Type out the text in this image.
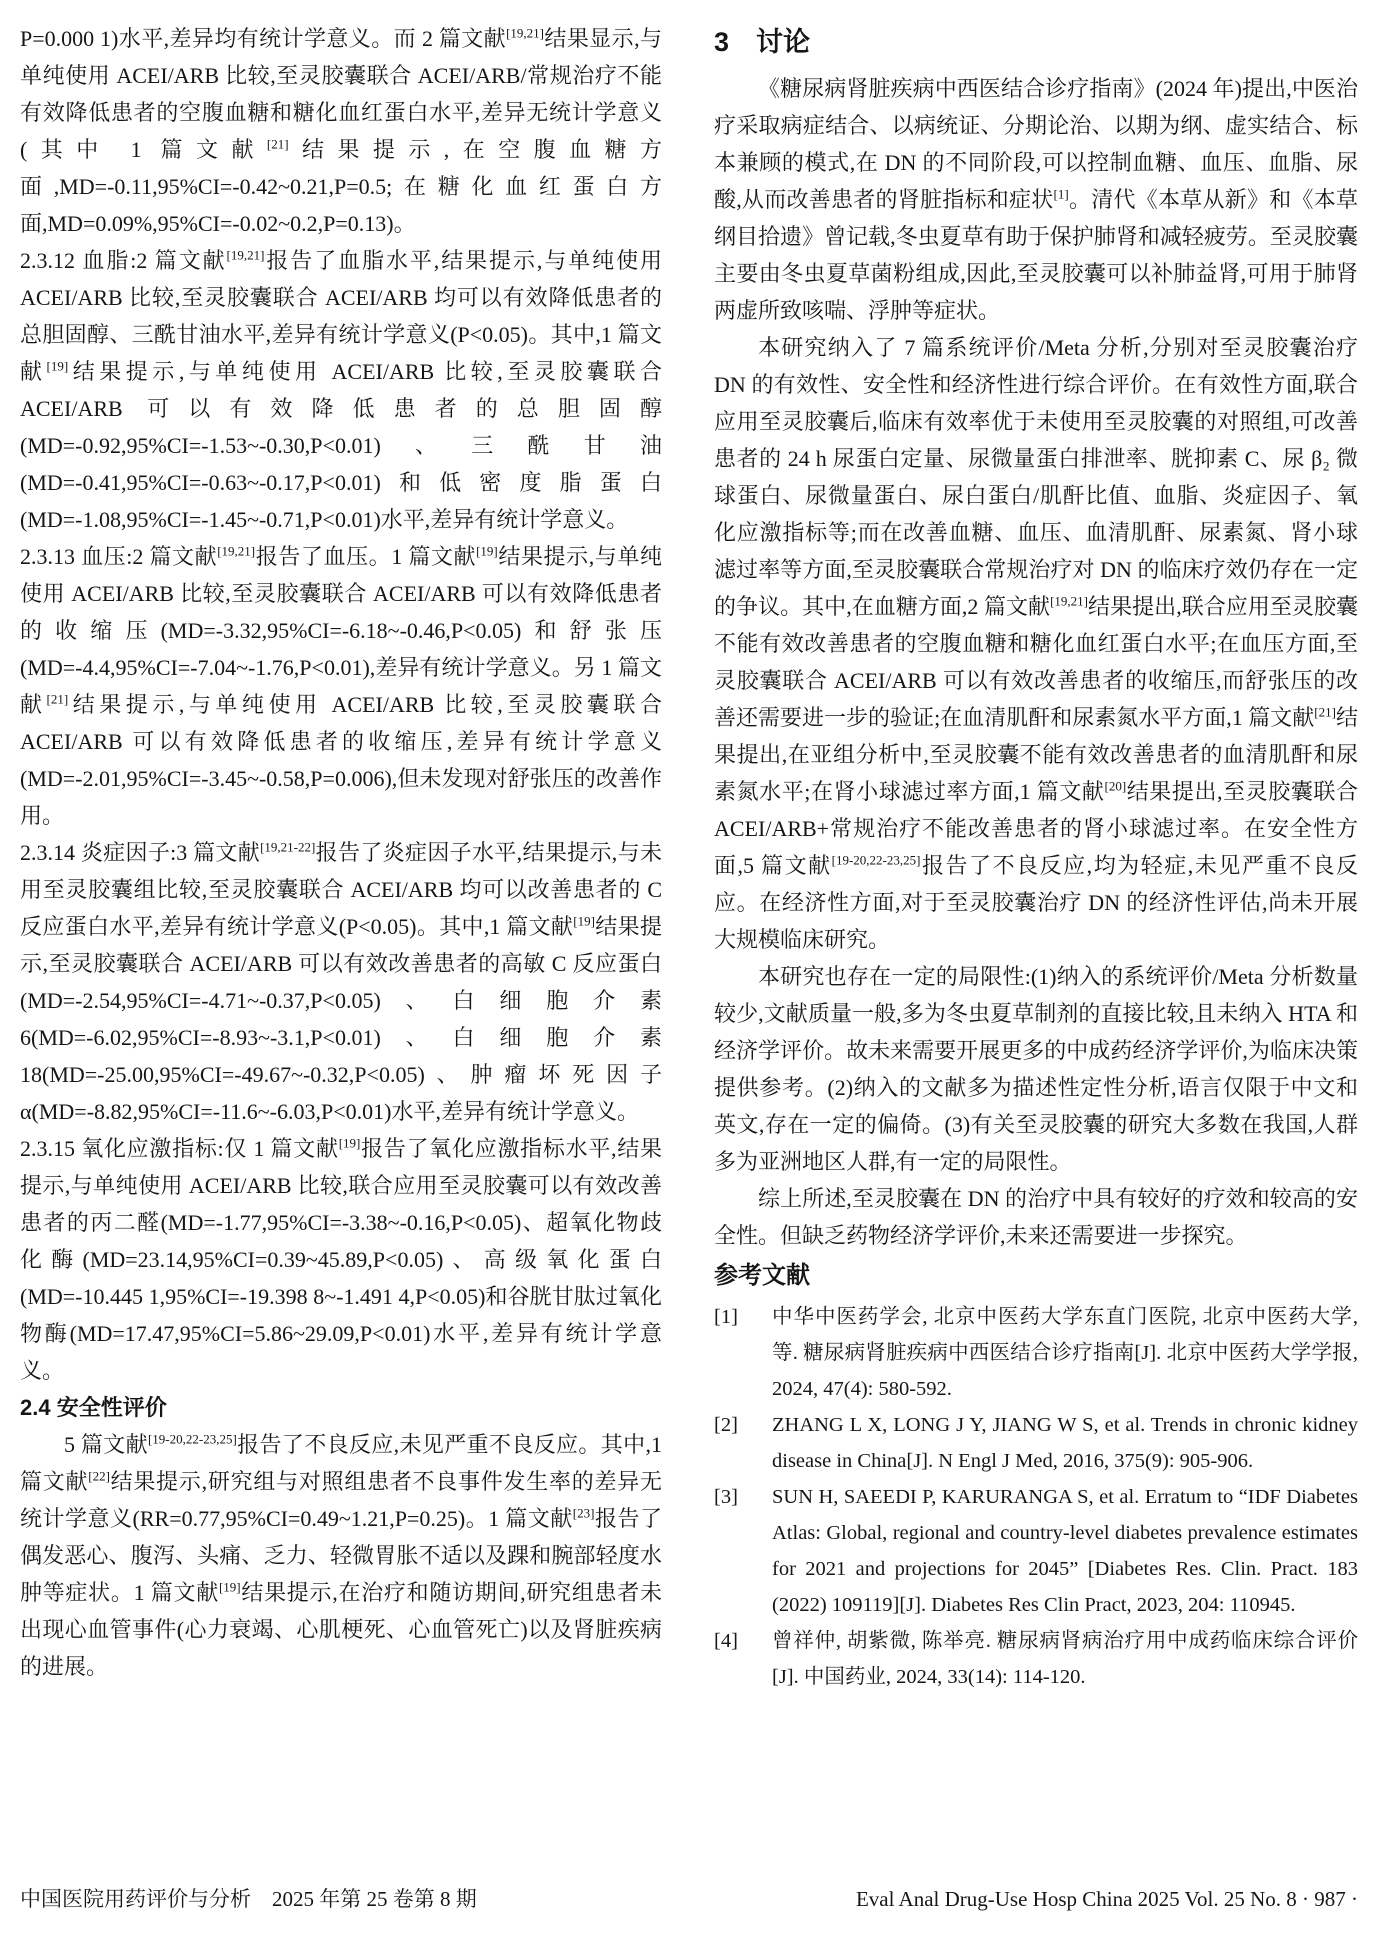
P=0.000 1)水平,差异均有统计学意义。而 2 篇文献[19,21]结果显示,与单纯使用 ACEI/ARB 比较,至灵胶囊联合 ACEI/ARB/常规治疗不能有效降低患者的空腹血糖和糖化血红蛋白水平,差异无统计学意义(其中 1 篇文献[21]结果提示,在空腹血糖方面,MD=-0.11,95%CI=-0.42~0.21,P=0.5;在糖化血红蛋白方面,MD=0.09%,95%CI=-0.02~0.2,P=0.13)。

2.3.12 血脂:2 篇文献[19,21]报告了血脂水平,结果提示,与单纯使用 ACEI/ARB 比较,至灵胶囊联合 ACEI/ARB 均可以有效降低患者的总胆固醇、三酰甘油水平,差异有统计学意义(P<0.05)。其中,1 篇文献[19]结果提示,与单纯使用 ACEI/ARB 比较,至灵胶囊联合 ACEI/ARB 可以有效降低患者的总胆固醇(MD=-0.92,95%CI=-1.53~-0.30,P<0.01)、三酰甘油(MD=-0.41,95%CI=-0.63~-0.17,P<0.01)和低密度脂蛋白(MD=-1.08,95%CI=-1.45~-0.71,P<0.01)水平,差异有统计学意义。

2.3.13 血压:2 篇文献[19,21]报告了血压。1 篇文献[19]结果提示,与单纯使用 ACEI/ARB 比较,至灵胶囊联合 ACEI/ARB 可以有效降低患者的收缩压(MD=-3.32,95%CI=-6.18~-0.46,P<0.05)和舒张压(MD=-4.4,95%CI=-7.04~-1.76,P<0.01),差异有统计学意义。另 1 篇文献[21]结果提示,与单纯使用 ACEI/ARB 比较,至灵胶囊联合 ACEI/ARB 可以有效降低患者的收缩压,差异有统计学意义(MD=-2.01,95%CI=-3.45~-0.58,P=0.006),但未发现对舒张压的改善作用。

2.3.14 炎症因子:3 篇文献[19,21-22]报告了炎症因子水平,结果提示,与未用至灵胶囊组比较,至灵胶囊联合 ACEI/ARB 均可以改善患者的 C 反应蛋白水平,差异有统计学意义(P<0.05)。其中,1 篇文献[19]结果提示,至灵胶囊联合 ACEI/ARB 可以有效改善患者的高敏 C 反应蛋白(MD=-2.54,95%CI=-4.71~-0.37,P<0.05)、白细胞介素 6(MD=-6.02,95%CI=-8.93~-3.1,P<0.01)、白细胞介素 18(MD=-25.00,95%CI=-49.67~-0.32,P<0.05)、肿瘤坏死因子 α(MD=-8.82,95%CI=-11.6~-6.03,P<0.01)水平,差异有统计学意义。

2.3.15 氧化应激指标:仅 1 篇文献[19]报告了氧化应激指标水平,结果提示,与单纯使用 ACEI/ARB 比较,联合应用至灵胶囊可以有效改善患者的丙二醛(MD=-1.77,95%CI=-3.38~-0.16,P<0.05)、超氧化物歧化酶(MD=23.14,95%CI=0.39~45.89,P<0.05)、高级氧化蛋白(MD=-10.445 1,95%CI=-19.398 8~-1.491 4,P<0.05)和谷胱甘肽过氧化物酶(MD=17.47,95%CI=5.86~29.09,P<0.01)水平,差异有统计学意义。

2.4 安全性评价

5 篇文献[19-20,22-23,25]报告了不良反应,未见严重不良反应。其中,1 篇文献[22]结果提示,研究组与对照组患者不良事件发生率的差异无统计学意义(RR=0.77,95%CI=0.49~1.21,P=0.25)。1 篇文献[23]报告了偶发恶心、腹泻、头痛、乏力、轻微胃胀不适以及踝和腕部轻度水肿等症状。1 篇文献[19]结果提示,在治疗和随访期间,研究组患者未出现心血管事件(心力衰竭、心肌梗死、心血管死亡)以及肾脏疾病的进展。

3　讨论

《糖尿病肾脏疾病中西医结合诊疗指南》(2024 年)提出,中医治疗采取病症结合、以病统证、分期论治、以期为纲、虚实结合、标本兼顾的模式,在 DN 的不同阶段,可以控制血糖、血压、血脂、尿酸,从而改善患者的肾脏指标和症状[1]。清代《本草从新》和《本草纲目拾遗》曾记载,冬虫夏草有助于保护肺肾和减轻疲劳。至灵胶囊主要由冬虫夏草菌粉组成,因此,至灵胶囊可以补肺益肾,可用于肺肾两虚所致咳喘、浮肿等症状。

本研究纳入了 7 篇系统评价/Meta 分析,分别对至灵胶囊治疗 DN 的有效性、安全性和经济性进行综合评价。在有效性方面,联合应用至灵胶囊后,临床有效率优于未使用至灵胶囊的对照组,可改善患者的 24 h 尿蛋白定量、尿微量蛋白排泄率、胱抑素 C、尿 β₂ 微球蛋白、尿微量蛋白、尿白蛋白/肌酐比值、血脂、炎症因子、氧化应激指标等;而在改善血糖、血压、血清肌酐、尿素氮、肾小球滤过率等方面,至灵胶囊联合常规治疗对 DN 的临床疗效仍存在一定的争议。其中,在血糖方面,2 篇文献[19,21]结果提出,联合应用至灵胶囊不能有效改善患者的空腹血糖和糖化血红蛋白水平;在血压方面,至灵胶囊联合 ACEI/ARB 可以有效改善患者的收缩压,而舒张压的改善还需要进一步的验证;在血清肌酐和尿素氮水平方面,1 篇文献[21]结果提出,在亚组分析中,至灵胶囊不能有效改善患者的血清肌酐和尿素氮水平;在肾小球滤过率方面,1 篇文献[20]结果提出,至灵胶囊联合 ACEI/ARB+常规治疗不能改善患者的肾小球滤过率。在安全性方面,5 篇文献[19-20,22-23,25]报告了不良反应,均为轻症,未见严重不良反应。在经济性方面,对于至灵胶囊治疗 DN 的经济性评估,尚未开展大规模临床研究。

本研究也存在一定的局限性:(1)纳入的系统评价/Meta 分析数量较少,文献质量一般,多为冬虫夏草制剂的直接比较,且未纳入 HTA 和经济学评价。故未来需要开展更多的中成药经济学评价,为临床决策提供参考。(2)纳入的文献多为描述性定性分析,语言仅限于中文和英文,存在一定的偏倚。(3)有关至灵胶囊的研究大多数在我国,人群多为亚洲地区人群,有一定的局限性。

综上所述,至灵胶囊在 DN 的治疗中具有较好的疗效和较高的安全性。但缺乏药物经济学评价,未来还需要进一步探究。

参考文献
[1]	中华中医药学会, 北京中医药大学东直门医院, 北京中医药大学, 等. 糖尿病肾脏疾病中西医结合诊疗指南[J]. 北京中医药大学学报, 2024, 47(4): 580-592.
[2]	ZHANG L X, LONG J Y, JIANG W S, et al. Trends in chronic kidney disease in China[J]. N Engl J Med, 2016, 375(9): 905-906.
[3]	SUN H, SAEEDI P, KARURANGA S, et al. Erratum to “IDF Diabetes Atlas: Global, regional and country-level diabetes prevalence estimates for 2021 and projections for 2045” [Diabetes Res. Clin. Pract. 183 (2022) 109119][J]. Diabetes Res Clin Pract, 2023, 204: 110945.
[4]	曾祥仲, 胡紫微, 陈举亮. 糖尿病肾病治疗用中成药临床综合评价[J]. 中国药业, 2024, 33(14): 114-120.
中国医院用药评价与分析　2025 年第 25 卷第 8 期	Eval Anal Drug-Use Hosp China 2025 Vol. 25 No. 8 · 987 ·
